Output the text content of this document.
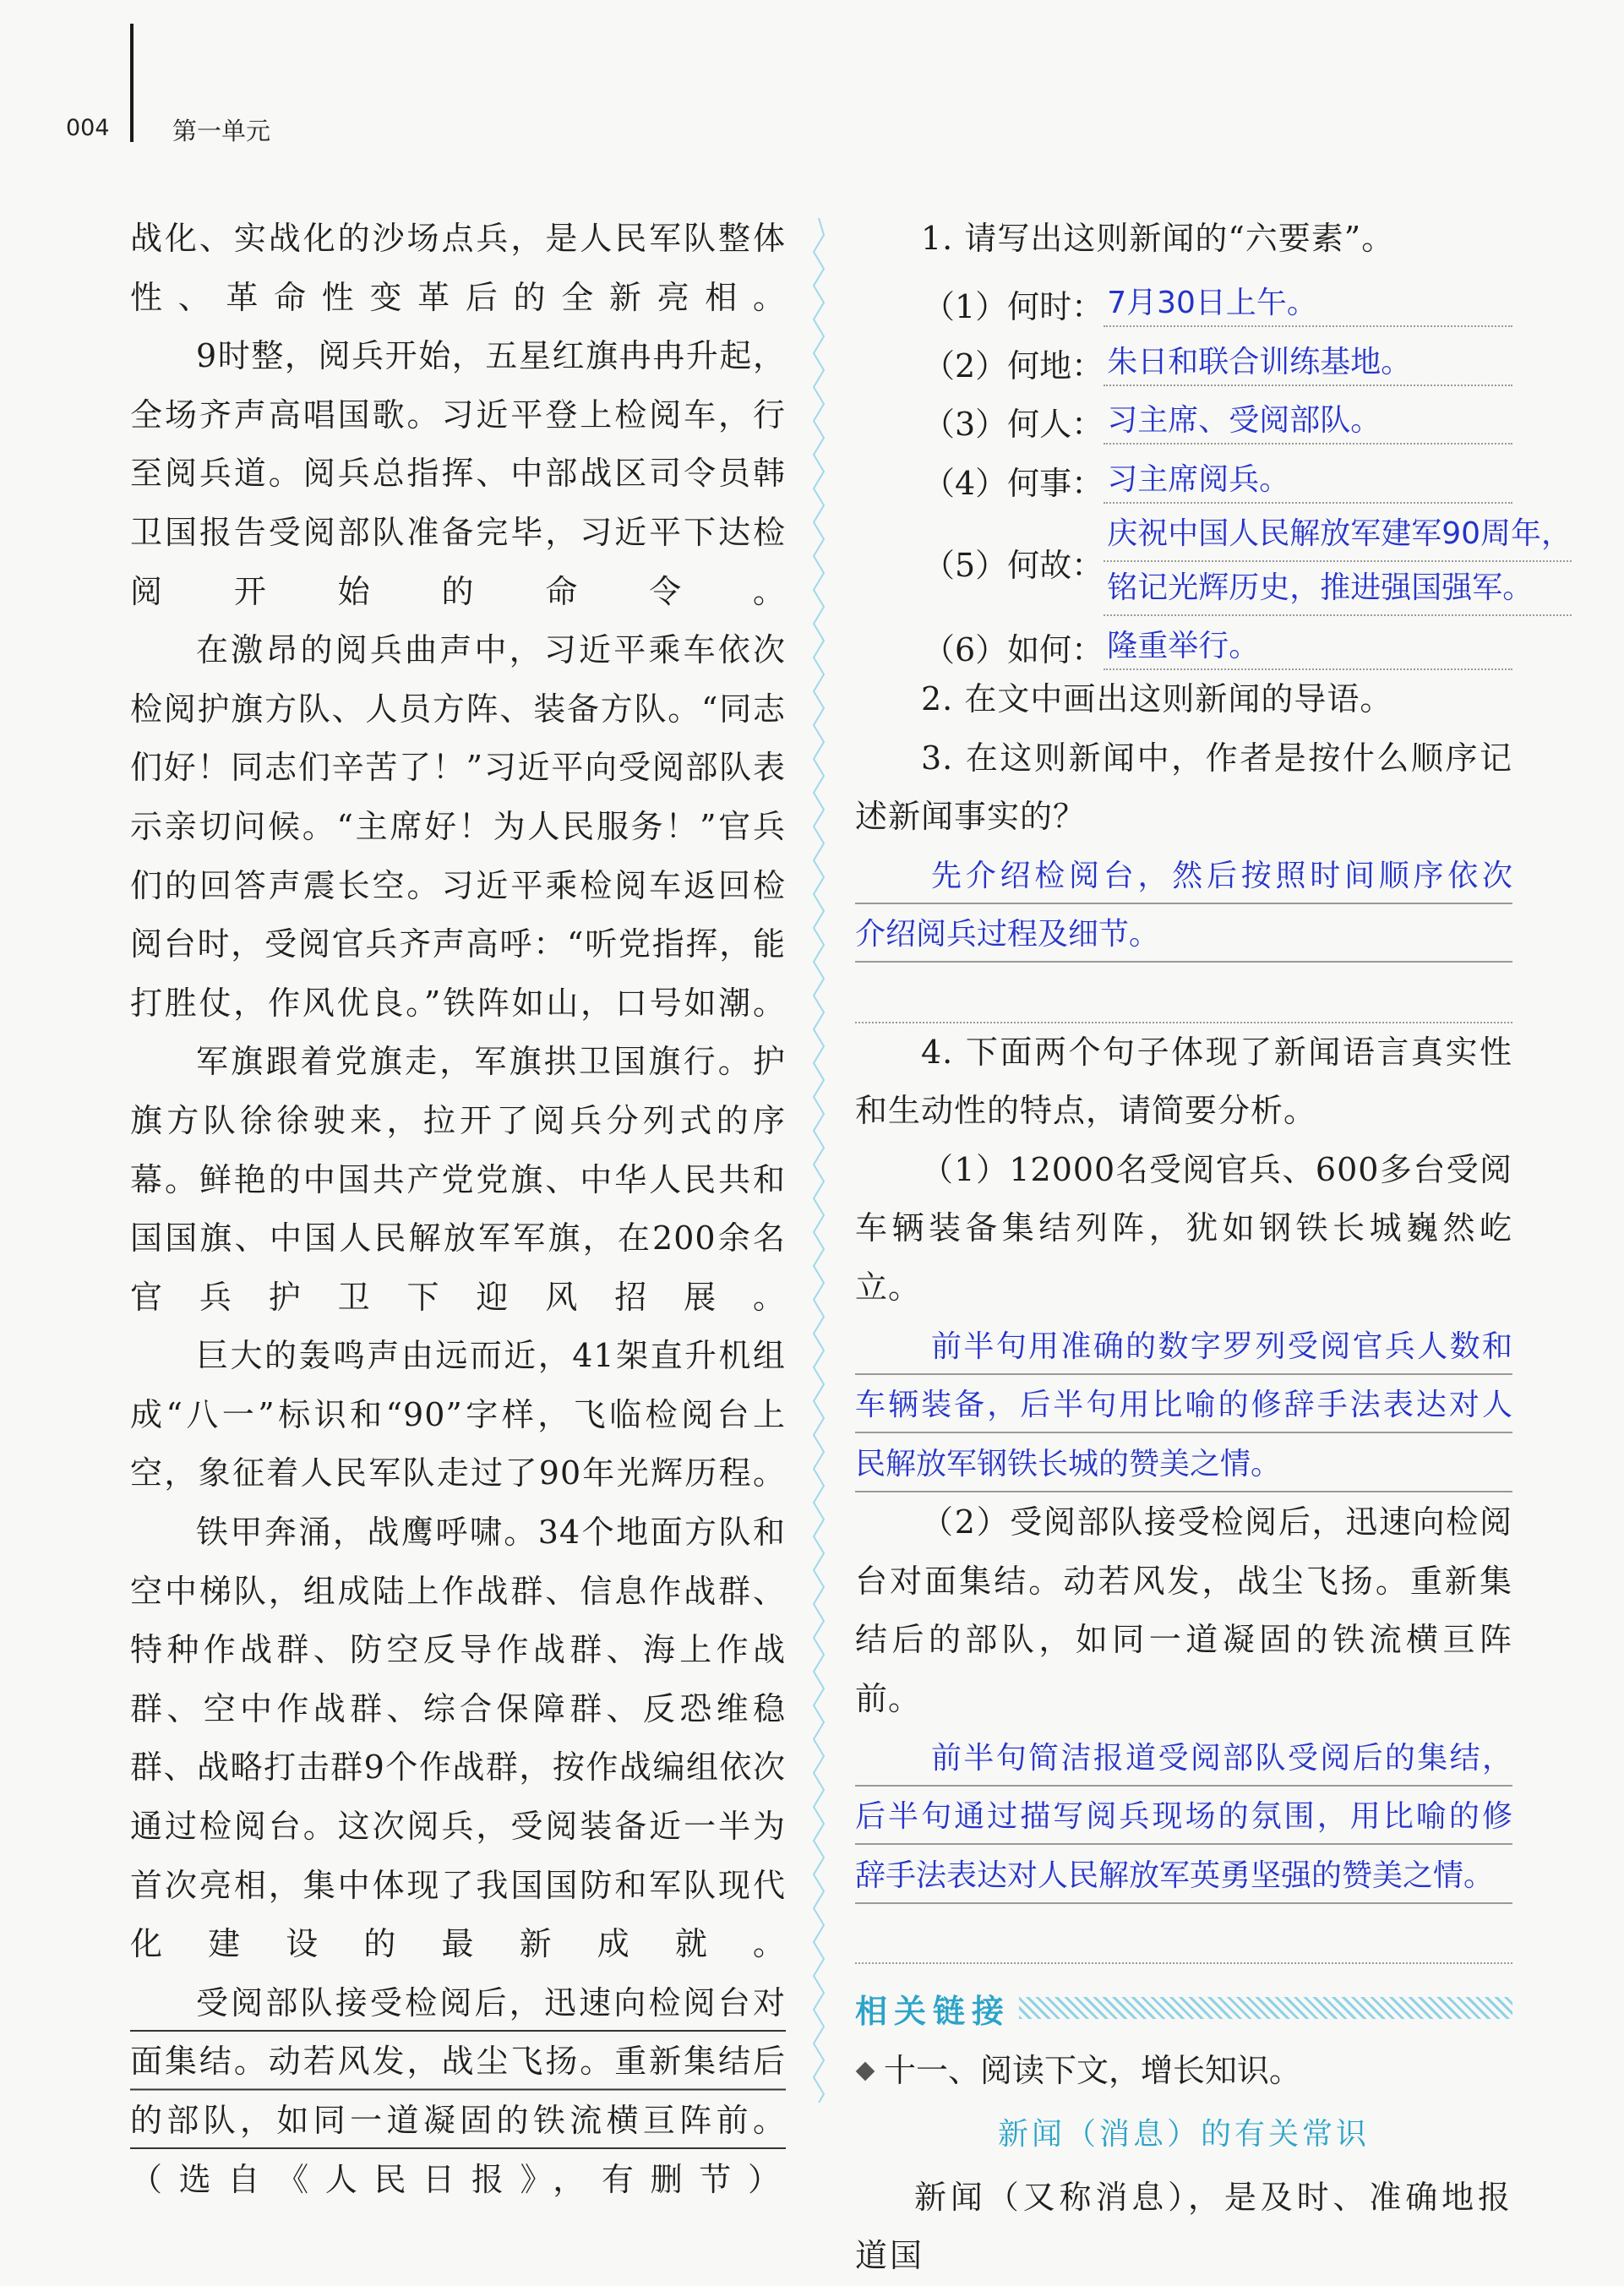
004	第一单元

战化、实战化的沙场点兵，是人民军队整体性、革命性变革后的全新亮相。

9时整，阅兵开始，五星红旗冉冉升起，全场齐声高唱国歌。习近平登上检阅车，行至阅兵道。阅兵总指挥、中部战区司令员韩卫国报告受阅部队准备完毕，习近平下达检阅开始的命令。

在激昂的阅兵曲声中，习近平乘车依次检阅护旗方队、人员方阵、装备方队。“同志们好！同志们辛苦了！”习近平向受阅部队表示亲切问候。“主席好！为人民服务！”官兵们的回答声震长空。习近平乘检阅车返回检阅台时，受阅官兵齐声高呼：“听党指挥，能打胜仗，作风优良。”铁阵如山，口号如潮。

军旗跟着党旗走，军旗拱卫国旗行。护旗方队徐徐驶来，拉开了阅兵分列式的序幕。鲜艳的中国共产党党旗、中华人民共和国国旗、中国人民解放军军旗，在200余名官兵护卫下迎风招展。

巨大的轰鸣声由远而近，41架直升机组成“八一”标识和“90”字样，飞临检阅台上空，象征着人民军队走过了90年光辉历程。

铁甲奔涌，战鹰呼啸。34个地面方队和空中梯队，组成陆上作战群、信息作战群、特种作战群、防空反导作战群、海上作战群、空中作战群、综合保障群、反恐维稳群、战略打击群9个作战群，按作战编组依次通过检阅台。这次阅兵，受阅装备近一半为首次亮相，集中体现了我国国防和军队现代化建设的最新成就。

受阅部队接受检阅后，迅速向检阅台对面集结。动若风发，战尘飞扬。重新集结后的部队，如同一道凝固的铁流横亘阵前。

（选自《人民日报》，有删节）

1. 请写出这则新闻的“六要素”。

（1）何时： 7月30日上午。
（2）何地： 朱日和联合训练基地。
（3）何人： 习主席、受阅部队。
（4）何事： 习主席阅兵。
（5）何故：
庆祝中国人民解放军建军90周年，
铭记光辉历史，推进强国强军。
（6）如何： 隆重举行。

2. 在文中画出这则新闻的导语。

3. 在这则新闻中，作者是按什么顺序记述新闻事实的？

先介绍检阅台，然后按照时间顺序依次

介绍阅兵过程及细节。

4. 下面两个句子体现了新闻语言真实性和生动性的特点，请简要分析。

（1）12000名受阅官兵、600多台受阅车辆装备集结列阵，犹如钢铁长城巍然屹立。

前半句用准确的数字罗列受阅官兵人数和

车辆装备，后半句用比喻的修辞手法表达对人

民解放军钢铁长城的赞美之情。

（2）受阅部队接受检阅后，迅速向检阅台对面集结。动若风发，战尘飞扬。重新集结后的部队，如同一道凝固的铁流横亘阵前。

前半句简洁报道受阅部队受阅后的集结，

后半句通过描写阅兵现场的氛围，用比喻的修

辞手法表达对人民解放军英勇坚强的赞美之情。

相关链接

十一、阅读下文，增长知识。

新闻（消息）的有关常识

新闻（又称消息），是及时、准确地报道国
